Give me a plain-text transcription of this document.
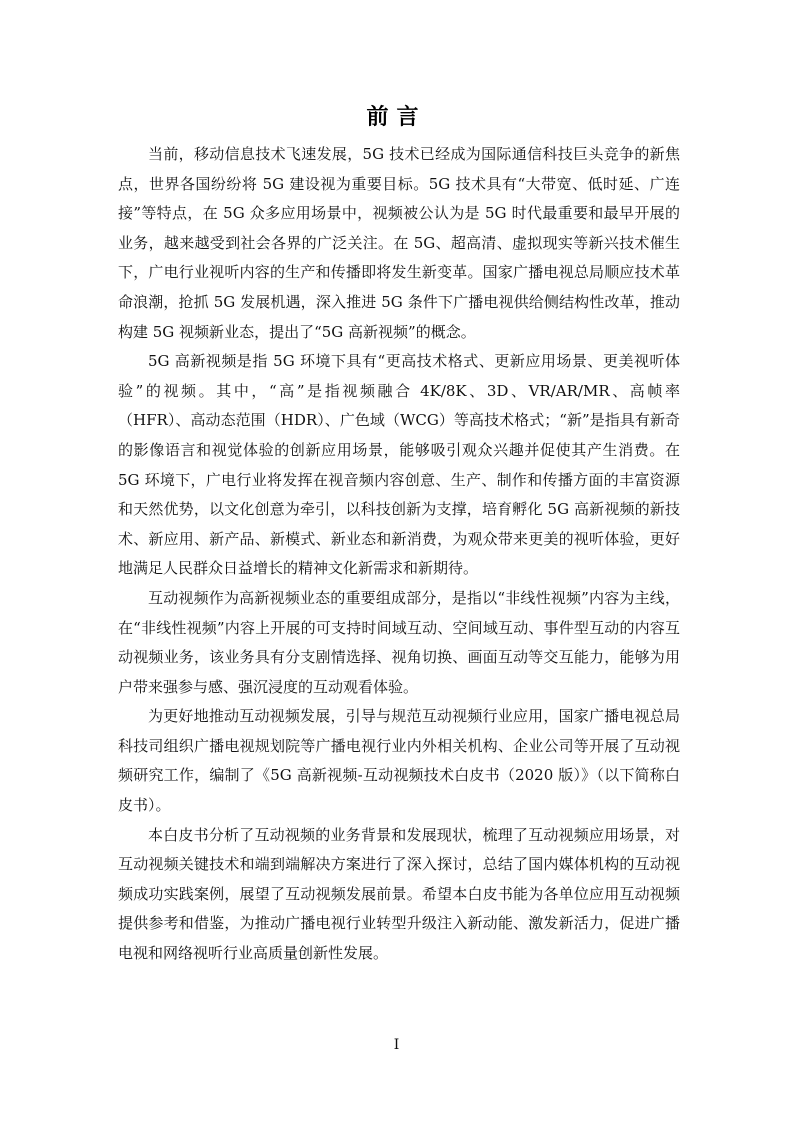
前言

当前，移动信息技术飞速发展，5G 技术已经成为国际通信科技巨头竞争的新焦点，世界各国纷纷将 5G 建设视为重要目标。5G 技术具有“大带宽、低时延、广连接”等特点，在 5G 众多应用场景中，视频被公认为是 5G 时代最重要和最早开展的业务，越来越受到社会各界的广泛关注。在 5G、超高清、虚拟现实等新兴技术催生下，广电行业视听内容的生产和传播即将发生新变革。国家广播电视总局顺应技术革命浪潮，抢抓 5G 发展机遇，深入推进 5G 条件下广播电视供给侧结构性改革，推动构建 5G 视频新业态，提出了“5G 高新视频”的概念。

5G 高新视频是指 5G 环境下具有“更高技术格式、更新应用场景、更美视听体验”的视频。其中，“高”是指视频融合 4K/8K、3D、VR/AR/MR、高帧率（HFR）、高动态范围（HDR）、广色域（WCG）等高技术格式；“新”是指具有新奇的影像语言和视觉体验的创新应用场景，能够吸引观众兴趣并促使其产生消费。在 5G 环境下，广电行业将发挥在视音频内容创意、生产、制作和传播方面的丰富资源和天然优势，以文化创意为牵引，以科技创新为支撑，培育孵化 5G 高新视频的新技术、新应用、新产品、新模式、新业态和新消费，为观众带来更美的视听体验，更好地满足人民群众日益增长的精神文化新需求和新期待。

互动视频作为高新视频业态的重要组成部分，是指以“非线性视频”内容为主线，在“非线性视频”内容上开展的可支持时间域互动、空间域互动、事件型互动的内容互动视频业务，该业务具有分支剧情选择、视角切换、画面互动等交互能力，能够为用户带来强参与感、强沉浸度的互动观看体验。

为更好地推动互动视频发展，引导与规范互动视频行业应用，国家广播电视总局科技司组织广播电视规划院等广播电视行业内外相关机构、企业公司等开展了互动视频研究工作，编制了《5G 高新视频-互动视频技术白皮书（2020 版）》（以下简称白皮书）。

本白皮书分析了互动视频的业务背景和发展现状，梳理了互动视频应用场景，对互动视频关键技术和端到端解决方案进行了深入探讨，总结了国内媒体机构的互动视频成功实践案例，展望了互动视频发展前景。希望本白皮书能为各单位应用互动视频提供参考和借鉴，为推动广播电视行业转型升级注入新动能、激发新活力，促进广播电视和网络视听行业高质量创新性发展。

I
